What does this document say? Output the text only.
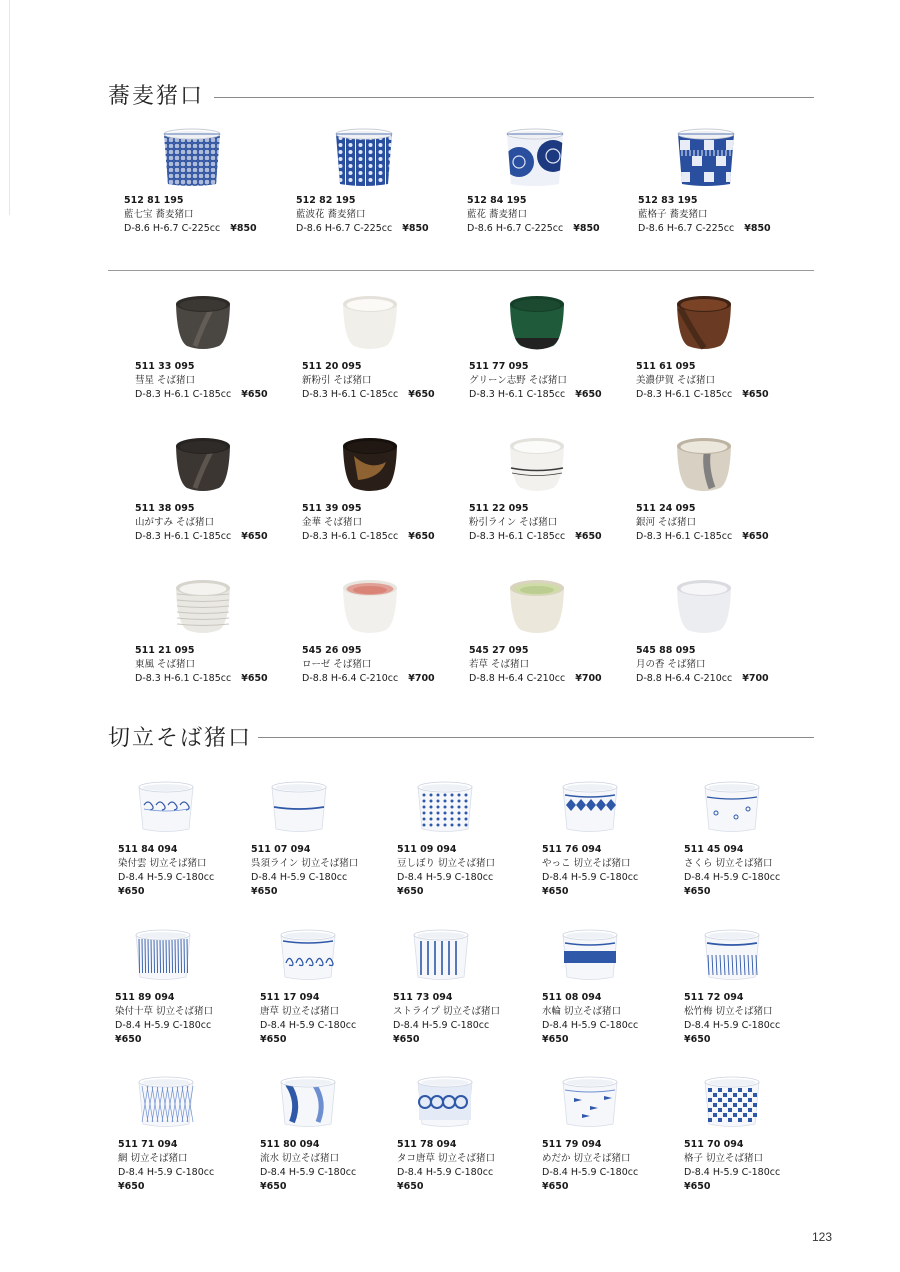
蕎麦猪口
切立そば猪口
512 81 195
藍七宝 蕎麦猪口
D-8.6 H-6.7 C-225cc ¥850
512 82 195
藍波花 蕎麦猪口
D-8.6 H-6.7 C-225cc ¥850
512 84 195
藍花 蕎麦猪口
D-8.6 H-6.7 C-225cc ¥850
512 83 195
藍格子 蕎麦猪口
D-8.6 H-6.7 C-225cc ¥850
511 33 095
彗星 そば猪口
D-8.3 H-6.1 C-185cc ¥650
511 20 095
新粉引 そば猪口
D-8.3 H-6.1 C-185cc ¥650
511 77 095
グリーン志野 そば猪口
D-8.3 H-6.1 C-185cc ¥650
511 61 095
美濃伊賀 そば猪口
D-8.3 H-6.1 C-185cc ¥650
511 38 095
山がすみ そば猪口
D-8.3 H-6.1 C-185cc ¥650
511 39 095
金華 そば猪口
D-8.3 H-6.1 C-185cc ¥650
511 22 095
粉引ライン そば猪口
D-8.3 H-6.1 C-185cc ¥650
511 24 095
銀河 そば猪口
D-8.3 H-6.1 C-185cc ¥650
511 21 095
東風 そば猪口
D-8.3 H-6.1 C-185cc ¥650
545 26 095
ローゼ そば猪口
D-8.8 H-6.4 C-210cc ¥700
545 27 095
若草 そば猪口
D-8.8 H-6.4 C-210cc ¥700
545 88 095
月の香 そば猪口
D-8.8 H-6.4 C-210cc ¥700
511 84 094
染付雲 切立そば猪口
D-8.4 H-5.9 C-180cc
¥650
511 07 094
呉須ライン 切立そば猪口
D-8.4 H-5.9 C-180cc
¥650
511 09 094
豆しぼり 切立そば猪口
D-8.4 H-5.9 C-180cc
¥650
511 76 094
やっこ 切立そば猪口
D-8.4 H-5.9 C-180cc
¥650
511 45 094
さくら 切立そば猪口
D-8.4 H-5.9 C-180cc
¥650
511 89 094
染付十草 切立そば猪口
D-8.4 H-5.9 C-180cc
¥650
511 17 094
唐草 切立そば猪口
D-8.4 H-5.9 C-180cc
¥650
511 73 094
ストライプ 切立そば猪口
D-8.4 H-5.9 C-180cc
¥650
511 08 094
水輪 切立そば猪口
D-8.4 H-5.9 C-180cc
¥650
511 72 094
松竹梅 切立そば猪口
D-8.4 H-5.9 C-180cc
¥650
511 71 094
網 切立そば猪口
D-8.4 H-5.9 C-180cc
¥650
511 80 094
流水 切立そば猪口
D-8.4 H-5.9 C-180cc
¥650
511 78 094
タコ唐草 切立そば猪口
D-8.4 H-5.9 C-180cc
¥650
511 79 094
めだか 切立そば猪口
D-8.4 H-5.9 C-180cc
¥650
511 70 094
格子 切立そば猪口
D-8.4 H-5.9 C-180cc
¥650
123
